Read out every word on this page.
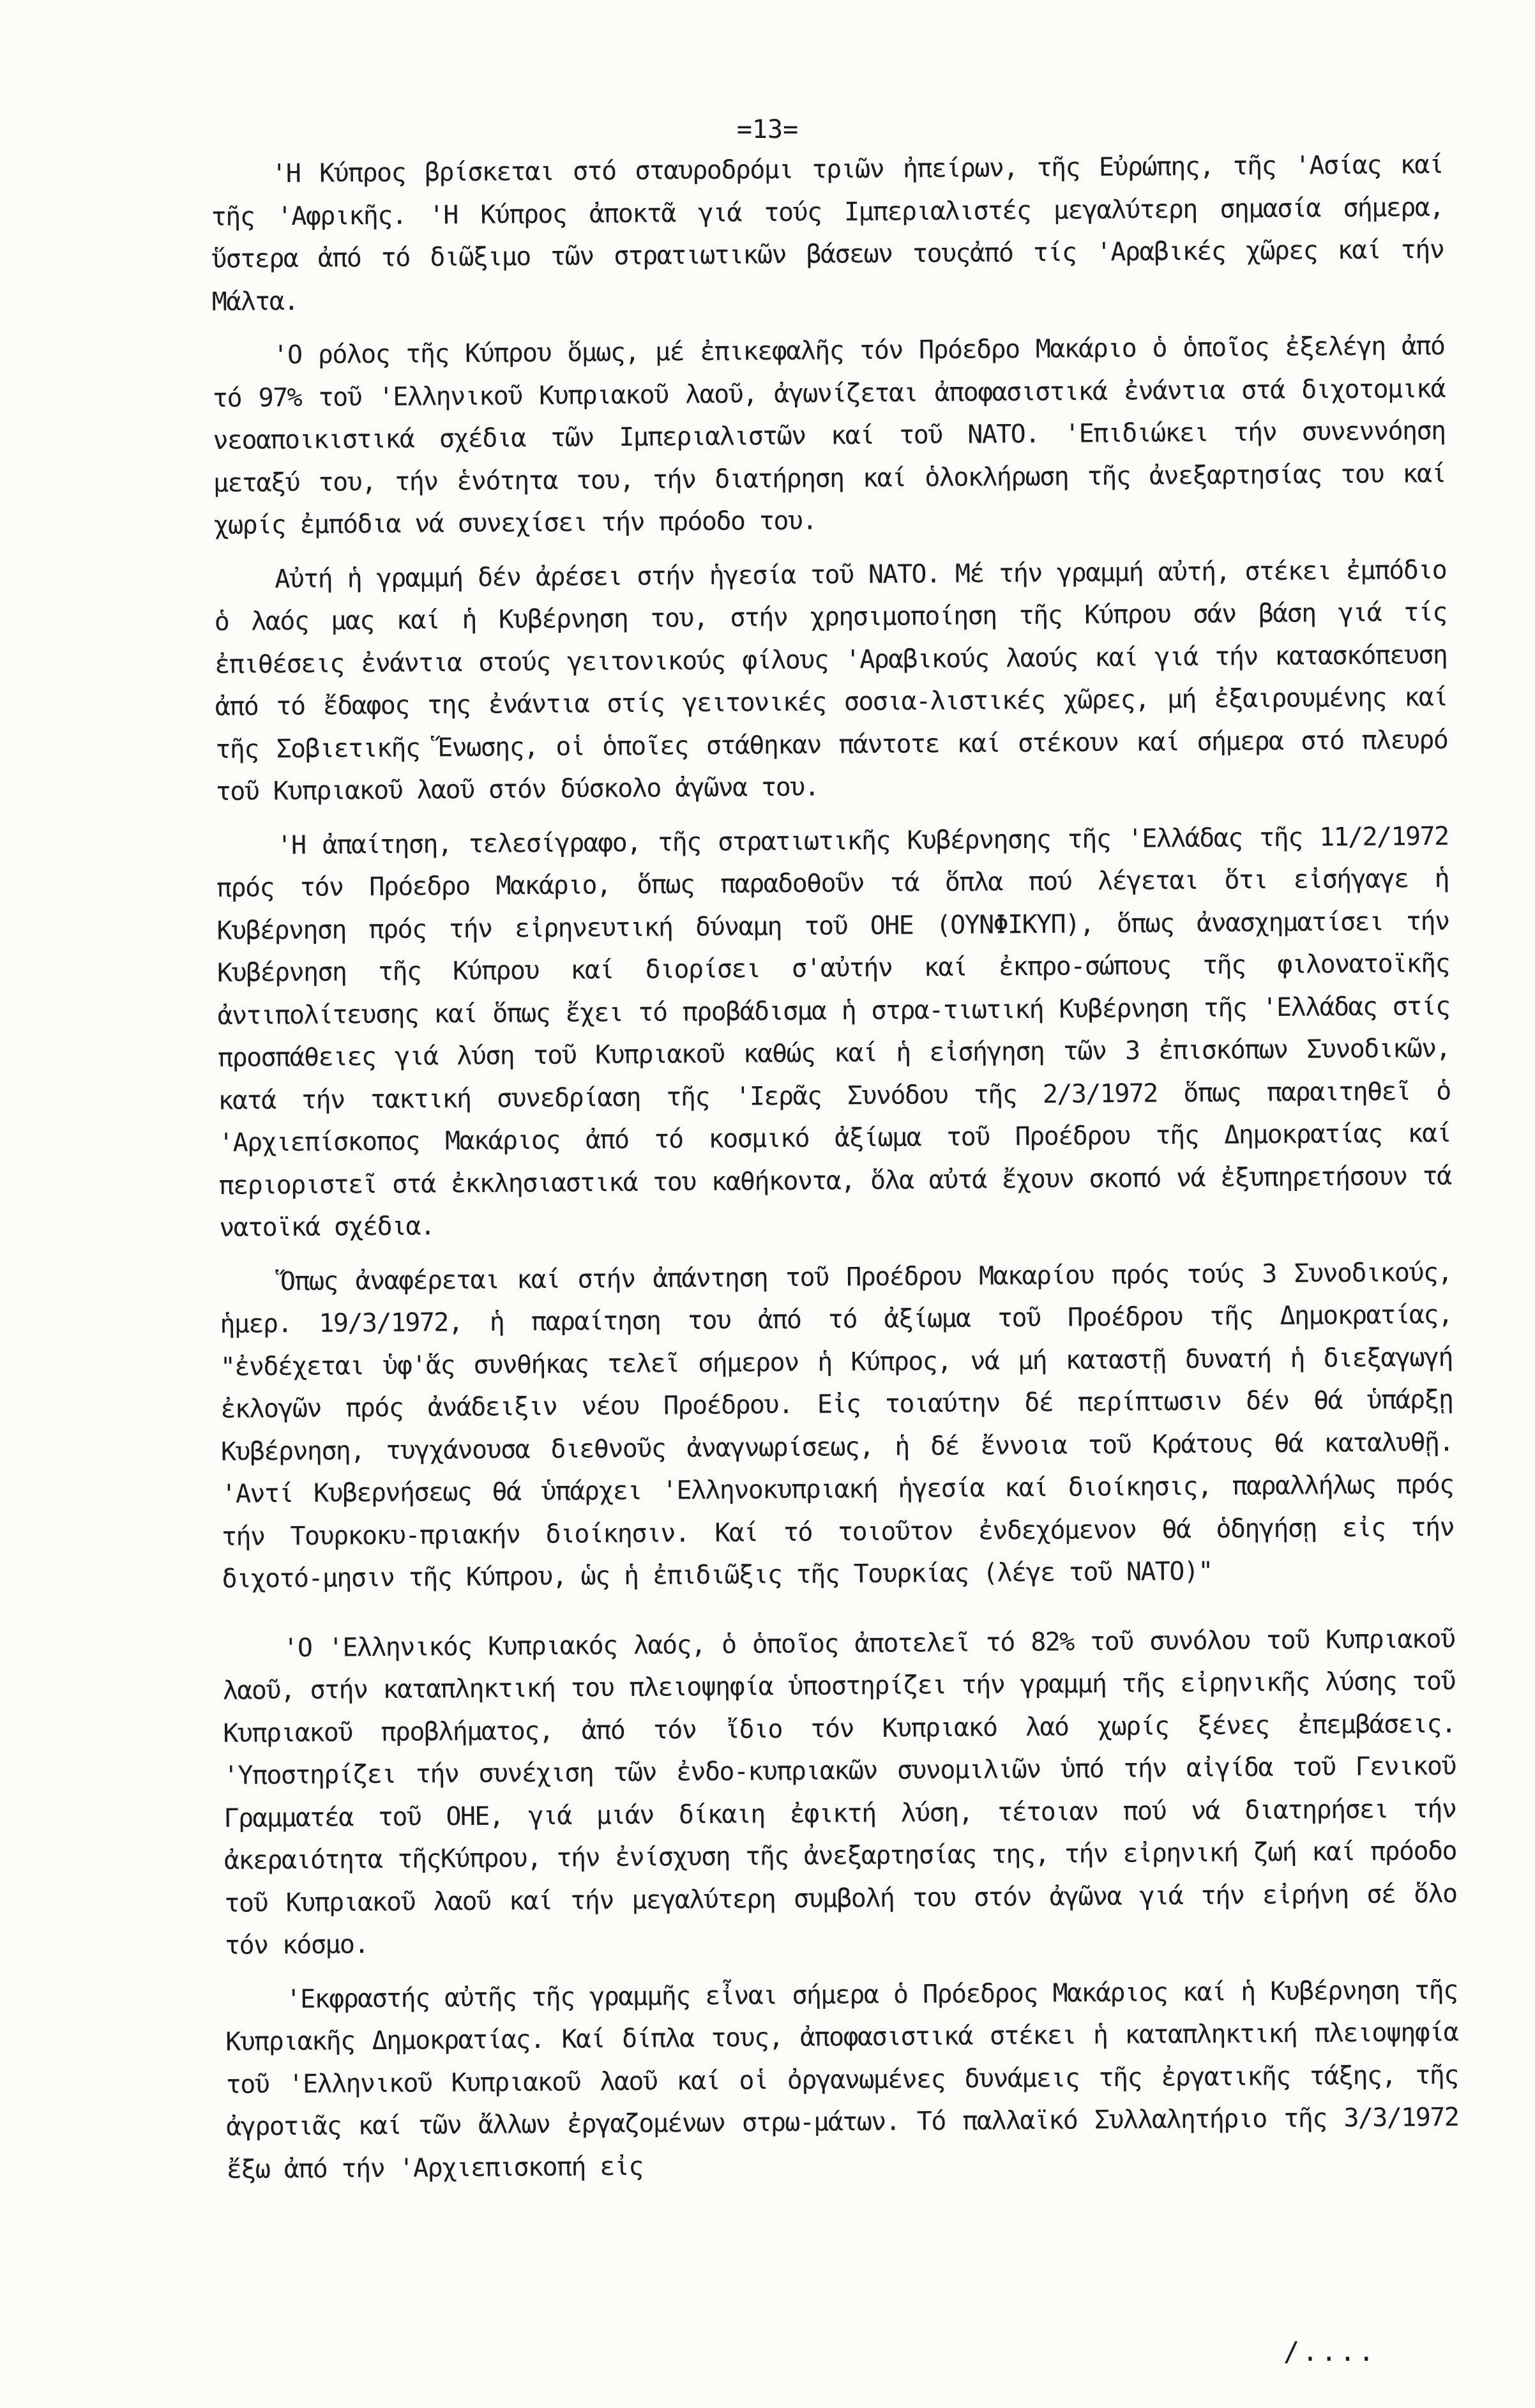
=13=

'Η Κύπρος βρίσκεται στό σταυροδρόμι τριῶν ἠπείρων, τῆς Εὐρώπης, τῆς 'Ασίας καί τῆς 'Αφρικῆς. 'Η Κύπρος ἀποκτᾶ γιά τούς Ιμπεριαλιστές μεγαλύτερη σημασία σήμερα, ὕστερα ἀπό τό διῶξιμο τῶν στρατιωτικῶν βάσεων τουςἀπό τίς 'Αραβικές χῶρες καί τήν Μάλτα.

'Ο ρόλος τῆς Κύπρου ὅμως, μέ ἐπικεφαλῆς τόν Πρόεδρο Μακάριο ὁ ὁποῖος ἐξελέγη ἀπό τό 97% τοῦ 'Ελληνικοῦ Κυπριακοῦ λαοῦ, ἀγωνίζεται ἀποφασιστικά ἐνάντια στά διχοτομικά νεοαποικιστικά σχέδια τῶν Ιμπεριαλιστῶν καί τοῦ ΝΑΤΟ. 'Επιδιώκει τήν συνεννόηση μεταξύ του, τήν ἑνότητα του, τήν διατήρηση καί ὁλοκλήρωση τῆς ἀνεξαρτησίας του καί χωρίς ἐμπόδια νά συνεχίσει τήν πρόοδο του.

Αὐτή ἡ γραμμή δέν ἀρέσει στήν ἡγεσία τοῦ ΝΑΤΟ. Μέ τήν γραμμή αὐτή, στέκει ἐμπόδιο ὁ λαός μας καί ἡ Κυβέρνηση του, στήν χρησιμοποίηση τῆς Κύπρου σάν βάση γιά τίς ἐπιθέσεις ἐνάντια στούς γειτονικούς φίλους 'Αραβικούς λαούς καί γιά τήν κατασκόπευση ἀπό τό ἔδαφος της ἐνάντια στίς γειτονικές σοσια-λιστικές χῶρες, μή ἐξαιρουμένης καί τῆς Σοβιετικῆς Ἕνωσης, οἱ ὁποῖες στάθηκαν πάντοτε καί στέκουν καί σήμερα στό πλευρό τοῦ Κυπριακοῦ λαοῦ στόν δύσκολο ἀγῶνα του.

'Η ἀπαίτηση, τελεσίγραφο, τῆς στρατιωτικῆς Κυβέρνησης τῆς 'Ελλάδας τῆς 11/2/1972 πρός τόν Πρόεδρο Μακάριο, ὅπως παραδοθοῦν τά ὅπλα πού λέγεται ὅτι εἰσήγαγε ἡ Κυβέρνηση πρός τήν εἰρηνευτική δύναμη τοῦ ΟΗΕ (ΟΥΝΦΙΚΥΠ), ὅπως ἀνασχηματίσει τήν Κυβέρνηση τῆς Κύπρου καί διορίσει σ'αὐτήν καί ἐκπρο-σώπους τῆς φιλονατοϊκῆς ἀντιπολίτευσης καί ὅπως ἔχει τό προβάδισμα ἡ στρα-τιωτική Κυβέρνηση τῆς 'Ελλάδας στίς προσπάθειες γιά λύση τοῦ Κυπριακοῦ καθώς καί ἡ εἰσήγηση τῶν 3 ἐπισκόπων Συνοδικῶν, κατά τήν τακτική συνεδρίαση τῆς 'Ιερᾶς Συνόδου τῆς 2/3/1972 ὅπως παραιτηθεῖ ὁ 'Αρχιεπίσκοπος Μακάριος ἀπό τό κοσμικό ἀξίωμα τοῦ Προέδρου τῆς Δημοκρατίας καί περιοριστεῖ στά ἐκκλησιαστικά του καθήκοντα, ὅλα αὐτά ἔχουν σκοπό νά ἐξυπηρετήσουν τά νατοϊκά σχέδια.

Ὅπως ἀναφέρεται καί στήν ἀπάντηση τοῦ Προέδρου Μακαρίου πρός τούς 3 Συνοδικούς, ἡμερ. 19/3/1972, ἡ παραίτηση του ἀπό τό ἀξίωμα τοῦ Προέδρου τῆς Δημοκρατίας, "ἐνδέχεται ὑφ'ἅς συνθήκας τελεῖ σήμερον ἡ Κύπρος, νά μή καταστῇ δυνατή ἡ διεξαγωγή ἐκλογῶν πρός ἀνάδειξιν νέου Προέδρου. Εἰς τοιαύτην δέ περίπτωσιν δέν θά ὑπάρξῃ Κυβέρνηση, τυγχάνουσα διεθνοῦς ἀναγνωρίσεως, ἡ δέ ἔννοια τοῦ Κράτους θά καταλυθῇ. 'Αντί Κυβερνήσεως θά ὑπάρχει 'Ελληνοκυπριακή ἡγεσία καί διοίκησις, παραλλήλως πρός τήν Τουρκοκυ-πριακήν διοίκησιν. Καί τό τοιοῦτον ἐνδεχόμενον θά ὁδηγήσῃ εἰς τήν διχοτό-μησιν τῆς Κύπρου, ὡς ἡ ἐπιδιῶξις τῆς Τουρκίας (λέγε τοῦ ΝΑΤΟ)"

'Ο 'Ελληνικός Κυπριακός λαός, ὁ ὁποῖος ἀποτελεῖ τό 82% τοῦ συνόλου τοῦ Κυπριακοῦ λαοῦ, στήν καταπληκτική του πλειοψηφία ὑποστηρίζει τήν γραμμή τῆς εἰρηνικῆς λύσης τοῦ Κυπριακοῦ προβλήματος, ἀπό τόν ἴδιο τόν Κυπριακό λαό χωρίς ξένες ἐπεμβάσεις. 'Υποστηρίζει τήν συνέχιση τῶν ἐνδο-κυπριακῶν συνομιλιῶν ὑπό τήν αἰγίδα τοῦ Γενικοῦ Γραμματέα τοῦ ΟΗΕ, γιά μιάν δίκαιη ἐφικτή λύση, τέτοιαν πού νά διατηρήσει τήν ἀκεραιότητα τῆςΚύπρου, τήν ἐνίσχυση τῆς ἀνεξαρτησίας της, τήν εἰρηνική ζωή καί πρόοδο τοῦ Κυπριακοῦ λαοῦ καί τήν μεγαλύτερη συμβολή του στόν ἀγῶνα γιά τήν εἰρήνη σέ ὅλο τόν κόσμο.

'Εκφραστής αὐτῆς τῆς γραμμῆς εἶναι σήμερα ὁ Πρόεδρος Μακάριος καί ἡ Κυβέρνηση τῆς Κυπριακῆς Δημοκρατίας. Καί δίπλα τους, ἀποφασιστικά στέκει ἡ καταπληκτική πλειοψηφία τοῦ 'Ελληνικοῦ Κυπριακοῦ λαοῦ καί οἱ ὀργανωμένες δυνάμεις τῆς ἐργατικῆς τάξης, τῆς ἀγροτιᾶς καί τῶν ἄλλων ἐργαζομένων στρω-μάτων. Τό παλλαϊκό Συλλαλητήριο τῆς 3/3/1972 ἔξω ἀπό τήν 'Αρχιεπισκοπή εἰς

/....
